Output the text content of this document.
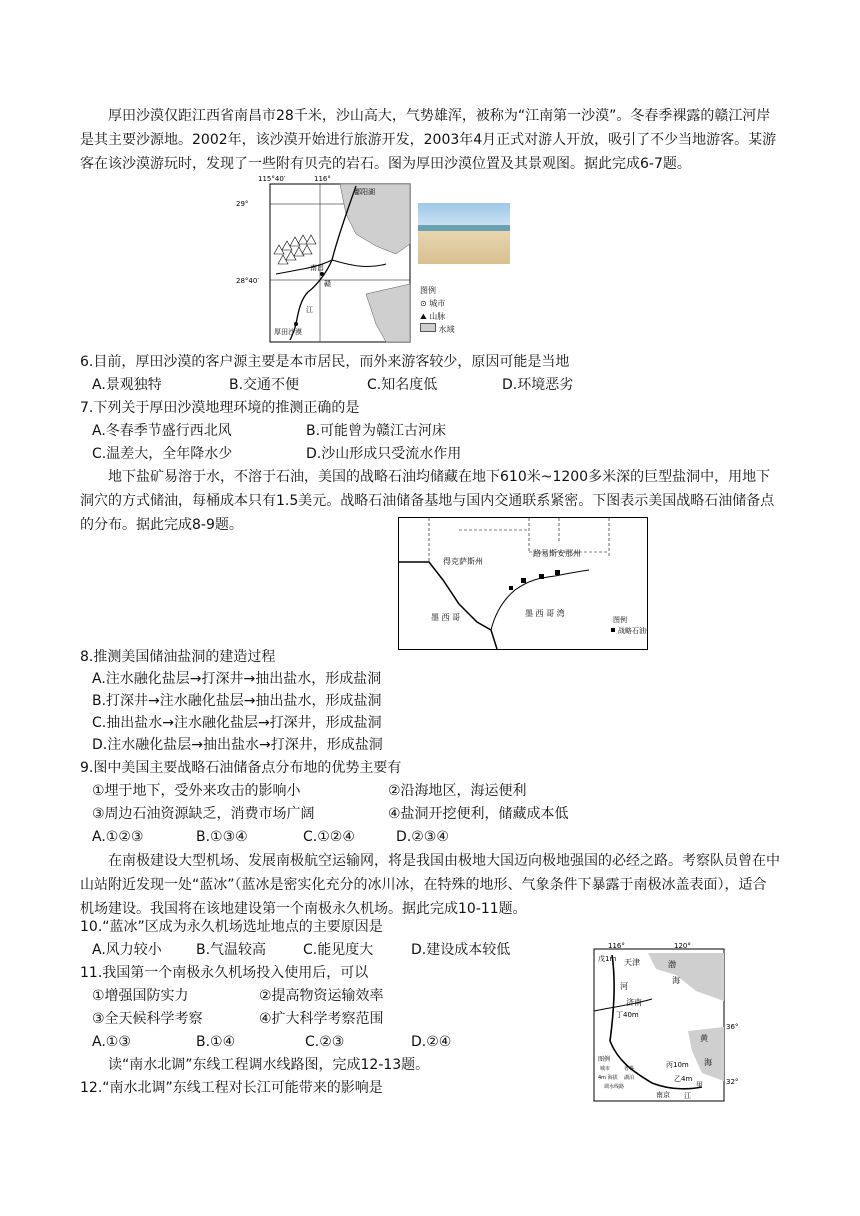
厚田沙漠仅距江西省南昌市28千米，沙山高大，气势雄浑，被称为“江南第一沙漠”。冬春季裸露的赣江河岸是其主要沙源地。2002年，该沙漠开始进行旅游开发，2003年4月正式对游人开放，吸引了不少当地游客。某游客在该沙漠游玩时，发现了一些附有贝壳的岩石。图为厚田沙漠位置及其景观图。据此完成6-7题。
115°40′	116°
29°
28°40′
鄱阳湖
南昌
赣
江
厚田沙漠
图例
⊙ 城市
⛰ 山脉
水域
6.目前，厚田沙漠的客户源主要是本市居民，而外来游客较少，原因可能是当地
A.景观独特	B.交通不便	C.知名度低	D.环境恶劣
7.下列关于厚田沙漠地理环境的推测正确的是
A.冬春季节盛行西北风	B.可能曾为赣江古河床
C.温差大，全年降水少	D.沙山形成只受流水作用
地下盐矿易溶于水，不溶于石油，美国的战略石油均储藏在地下610米~1200多米深的巨型盐洞中，用地下洞穴的方式储油，每桶成本只有1.5美元。战略石油储备基地与国内交通联系紧密。下图表示美国战略石油储备点的分布。据此完成8-9题。
得克萨斯州
路易斯安那州
墨 西 哥	墨 西 哥 湾
图例
战略石油
8.推测美国储油盐洞的建造过程
A.注水融化盐层→打深井→抽出盐水，形成盐洞
B.打深井→注水融化盐层→抽出盐水，形成盐洞
C.抽出盐水→注水融化盐层→打深井，形成盐洞
D.注水融化盐层→抽出盐水→打深井，形成盐洞
9.图中美国主要战略石油储备点分布地的优势主要有
①埋于地下，受外来攻击的影响小	②沿海地区，海运便利
③周边石油资源缺乏，消费市场广阔	④盐洞开挖便利，储藏成本低
A.①②③	B.①③④	C.①②④	D.②③④
在南极建设大型机场、发展南极航空运输网，将是我国由极地大国迈向极地强国的必经之路。考察队员曾在中山站附近发现一处“蓝冰”（蓝冰是密实化充分的冰川冰，在特殊的地形、气象条件下暴露于南极冰盖表面），适合机场建设。我国将在该地建设第一个南极永久机场。据此完成10-11题。
10.“蓝冰”区成为永久机场选址地点的主要原因是
A.风力较小 B.气温较高	C.能见度大	D.建设成本较低
11.我国第一个南极永久机场投入使用后，可以
①增强国防实力	②提高物资运输效率
③全天候科学考察	④扩大科学考察范围
A.①③	B.①④	C.②③	D.②④
读“南水北调”东线工程调水线路图，完成12-13题。
12.“南水北调”东线工程对长江可能带来的影响是
116°	120°
36°
32°
戊1m 天津	渤
海
河
济南
丁40m
黄
海
丙10m
乙4m
甲
南京 江
图例
城市	省界
4m 海拔 湖泊
调水线路
